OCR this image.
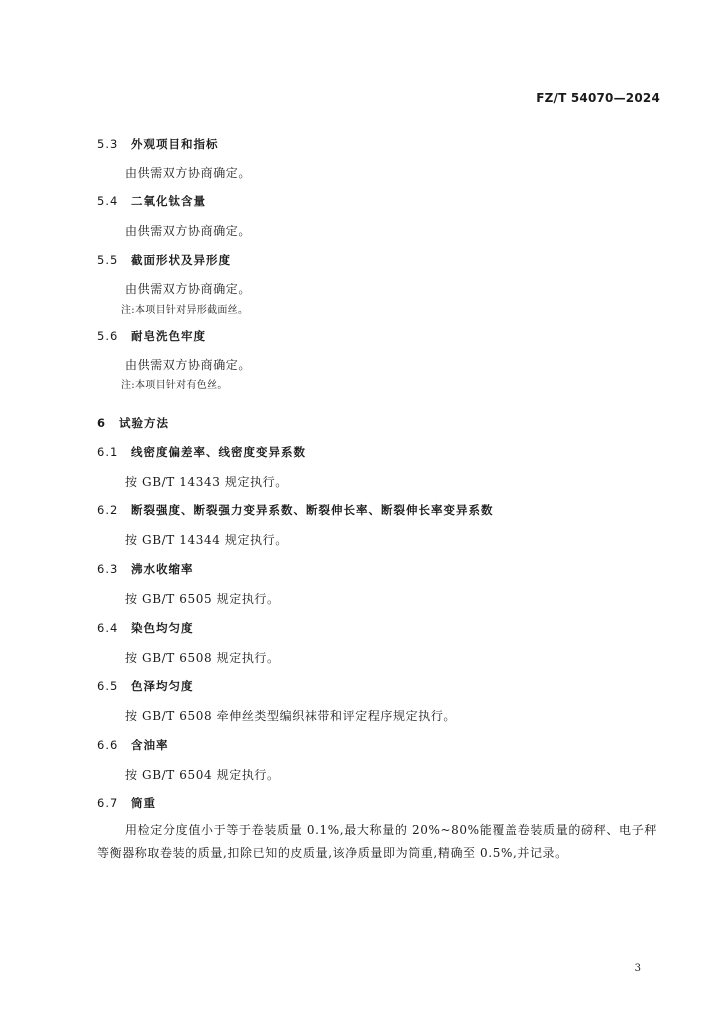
FZ/T 54070—2024
5.3 外观项目和指标
由供需双方协商确定。
5.4 二氧化钛含量
由供需双方协商确定。
5.5 截面形状及异形度
由供需双方协商确定。
注:本项目针对异形截面丝。
5.6 耐皂洗色牢度
由供需双方协商确定。
注:本项目针对有色丝。
6 试验方法
6.1 线密度偏差率、线密度变异系数
按 GB/T 14343 规定执行。
6.2 断裂强度、断裂强力变异系数、断裂伸长率、断裂伸长率变异系数
按 GB/T 14344 规定执行。
6.3 沸水收缩率
按 GB/T 6505 规定执行。
6.4 染色均匀度
按 GB/T 6508 规定执行。
6.5 色泽均匀度
按 GB/T 6508 牵伸丝类型编织袜带和评定程序规定执行。
6.6 含油率
按 GB/T 6504 规定执行。
6.7 筒重
用检定分度值小于等于卷装质量 0.1%,最大称量的 20%~80%能覆盖卷装质量的磅秤、电子秤等衡器称取卷装的质量,扣除已知的皮质量,该净质量即为筒重,精确至 0.5%,并记录。
3
